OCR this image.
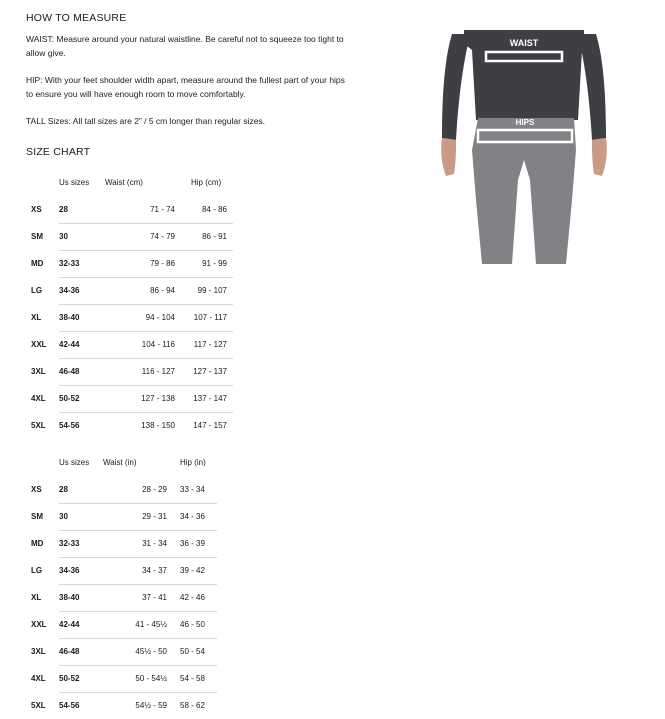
HOW TO MEASURE

WAIST: Measure around your natural waistline. Be careful not to squeeze too tight to allow give.

HIP: With your feet shoulder width apart, measure around the fullest part of your hips to ensure you will have enough room to move comfortably.

TALL Sizes: All tall sizes are 2” / 5 cm longer than regular sizes.

SIZE CHART
	Us sizes	Waist (cm)	Hip (cm)
XS	28	71 - 74	84 - 86
SM	30	74 - 79	86 - 91
MD	32-33	79 - 86	91 - 99
LG	34-36	86 - 94	99 - 107
XL	38-40	94 - 104	107 - 117
XXL	42-44	104 - 116	117 - 127
3XL	46-48	116 - 127	127 - 137
4XL	50-52	127 - 138	137 - 147
5XL	54-56	138 - 150	147 - 157
	Us sizes	Waist (in)	Hip (in)
XS	28	28 - 29	33 - 34
SM	30	29 - 31	34 - 36
MD	32-33	31 - 34	36 - 39
LG	34-36	34 - 37	39 - 42
XL	38-40	37 - 41	42 - 46
XXL	42-44	41 - 45½	46 - 50
3XL	46-48	45½ - 50	50 - 54
4XL	50-52	50 - 54½	54 - 58
5XL	54-56	54½ - 59	58 - 62
WAIST
HIPS
